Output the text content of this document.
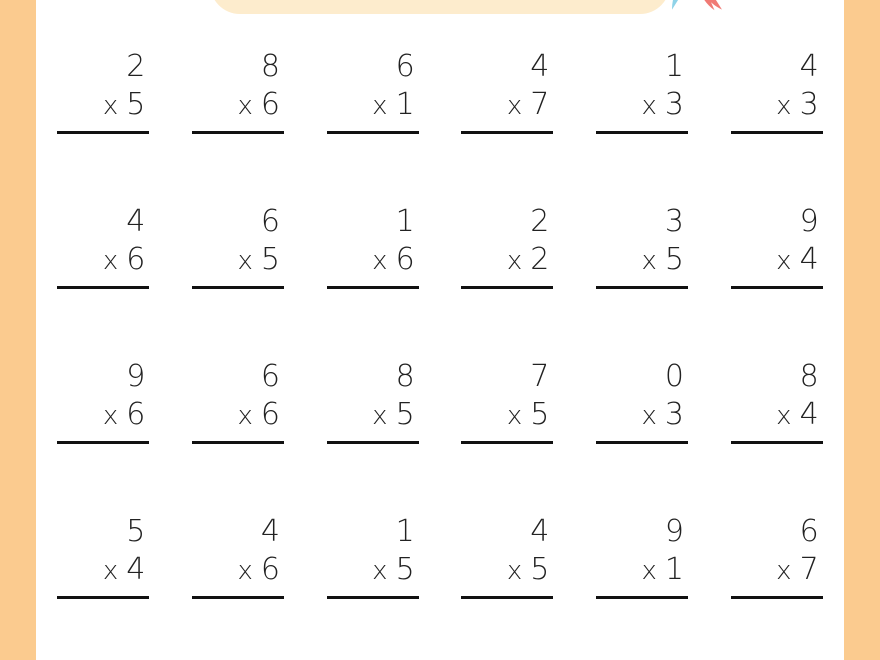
2
x 5
8
x 6
6
x 1
4
x 7
1
x 3
4
x 3
4
x 6
6
x 5
1
x 6
2
x 2
3
x 5
9
x 4
9
x 6
6
x 6
8
x 5
7
x 5
0
x 3
8
x 4
5
x 4
4
x 6
1
x 5
4
x 5
9
x 1
6
x 7
